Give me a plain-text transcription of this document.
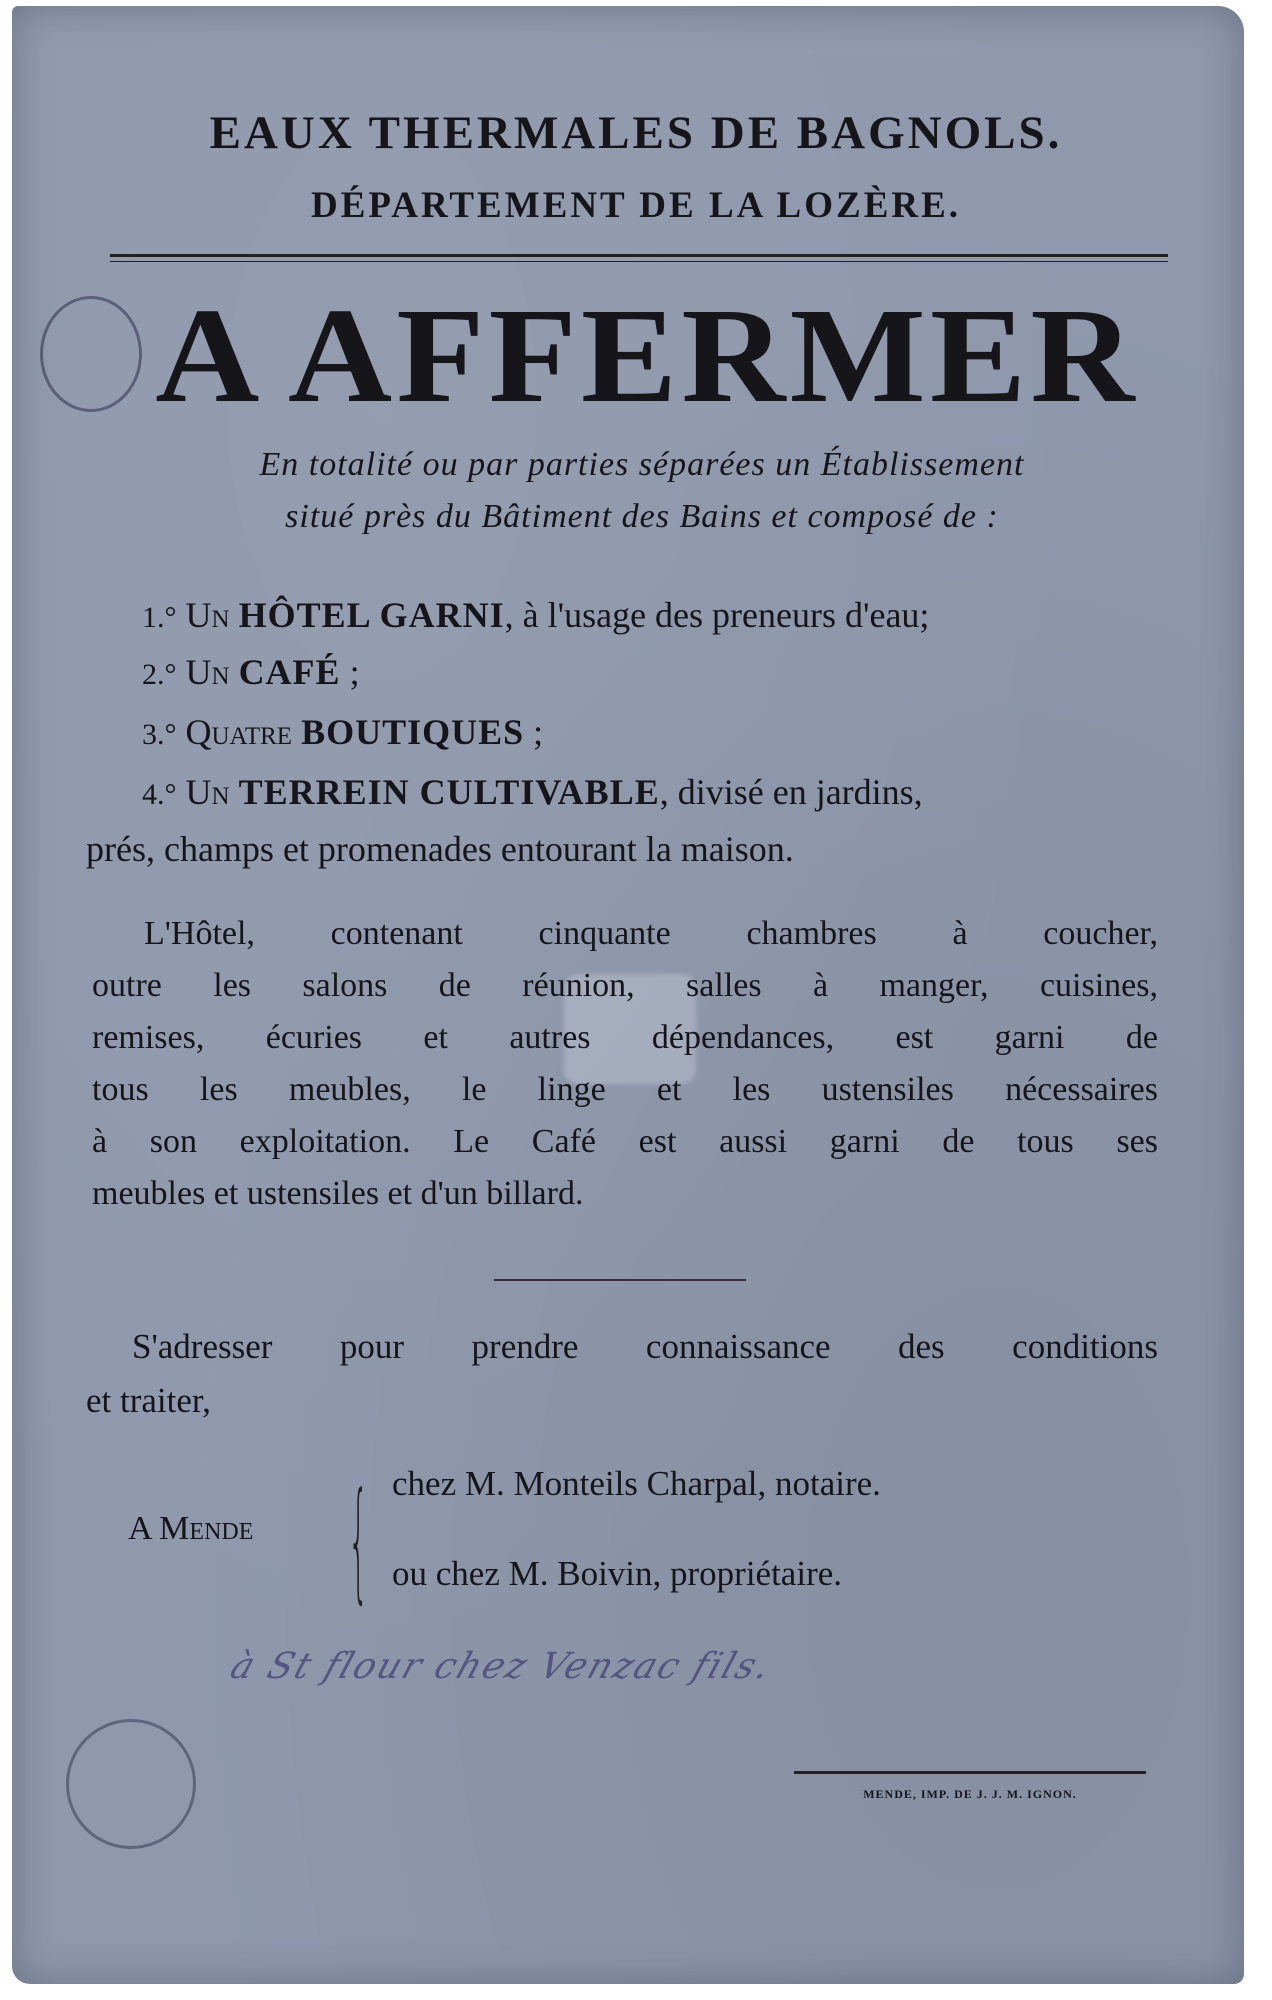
EAUX THERMALES DE BAGNOLS.
DÉPARTEMENT DE LA LOZÈRE.
A AFFERMER
En totalité ou par parties séparées un Établissement
situé près du Bâtiment des Bains et composé de :
1.° Un HÔTEL GARNI, à l'usage des preneurs d'eau;
2.° Un CAFÉ ;
3.° Quatre BOUTIQUES ;
4.° Un TERREIN CULTIVABLE, divisé en jardins,
prés, champs et promenades entourant la maison.
L'Hôtel, contenant cinquante chambres à coucher,
outre les salons de réunion, salles à manger, cuisines,
remises, écuries et autres dépendances, est garni de
tous les meubles, le linge et les ustensiles nécessaires
à son exploitation. Le Café est aussi garni de tous ses
meubles et ustensiles et d'un billard.
S'adresser pour prendre connaissance des conditions
et traiter,
A Mende { chez M. Monteils Charpal, notaire.
ou chez M. Boivin, propriétaire.
à St flour chez Venzac fils.
MENDE, IMP. DE J. J. M. IGNON.
